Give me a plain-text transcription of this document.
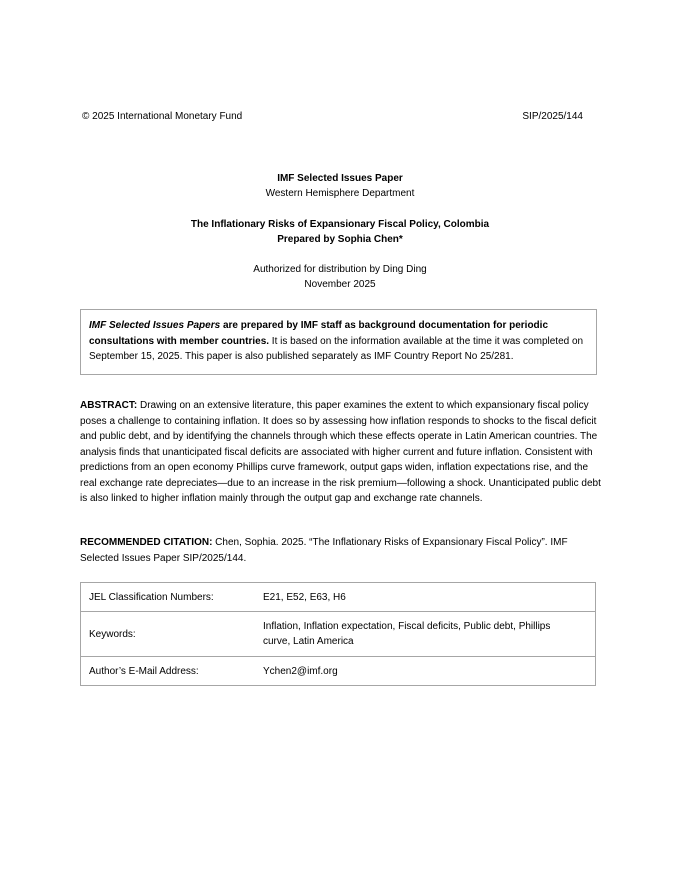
© 2025 International Monetary Fund	SIP/2025/144
IMF Selected Issues Paper
Western Hemisphere Department
The Inflationary Risks of Expansionary Fiscal Policy, Colombia
Prepared by Sophia Chen*
Authorized for distribution by Ding Ding
November 2025
IMF Selected Issues Papers are prepared by IMF staff as background documentation for periodic consultations with member countries. It is based on the information available at the time it was completed on September 15, 2025. This paper is also published separately as IMF Country Report No 25/281.
ABSTRACT: Drawing on an extensive literature, this paper examines the extent to which expansionary fiscal policy poses a challenge to containing inflation. It does so by assessing how inflation responds to shocks to the fiscal deficit and public debt, and by identifying the channels through which these effects operate in Latin American countries. The analysis finds that unanticipated fiscal deficits are associated with higher current and future inflation. Consistent with predictions from an open economy Phillips curve framework, output gaps widen, inflation expectations rise, and the real exchange rate depreciates—due to an increase in the risk premium—following a shock. Unanticipated public debt is also linked to higher inflation mainly through the output gap and exchange rate channels.
RECOMMENDED CITATION: Chen, Sophia. 2025. “The Inflationary Risks of Expansionary Fiscal Policy”. IMF Selected Issues Paper SIP/2025/144.
JEL Classification Numbers:	E21, E52, E63, H6
Keywords:	Inflation, Inflation expectation, Fiscal deficits, Public debt, Phillips curve, Latin America
Author’s E-Mail Address:	Ychen2@imf.org
